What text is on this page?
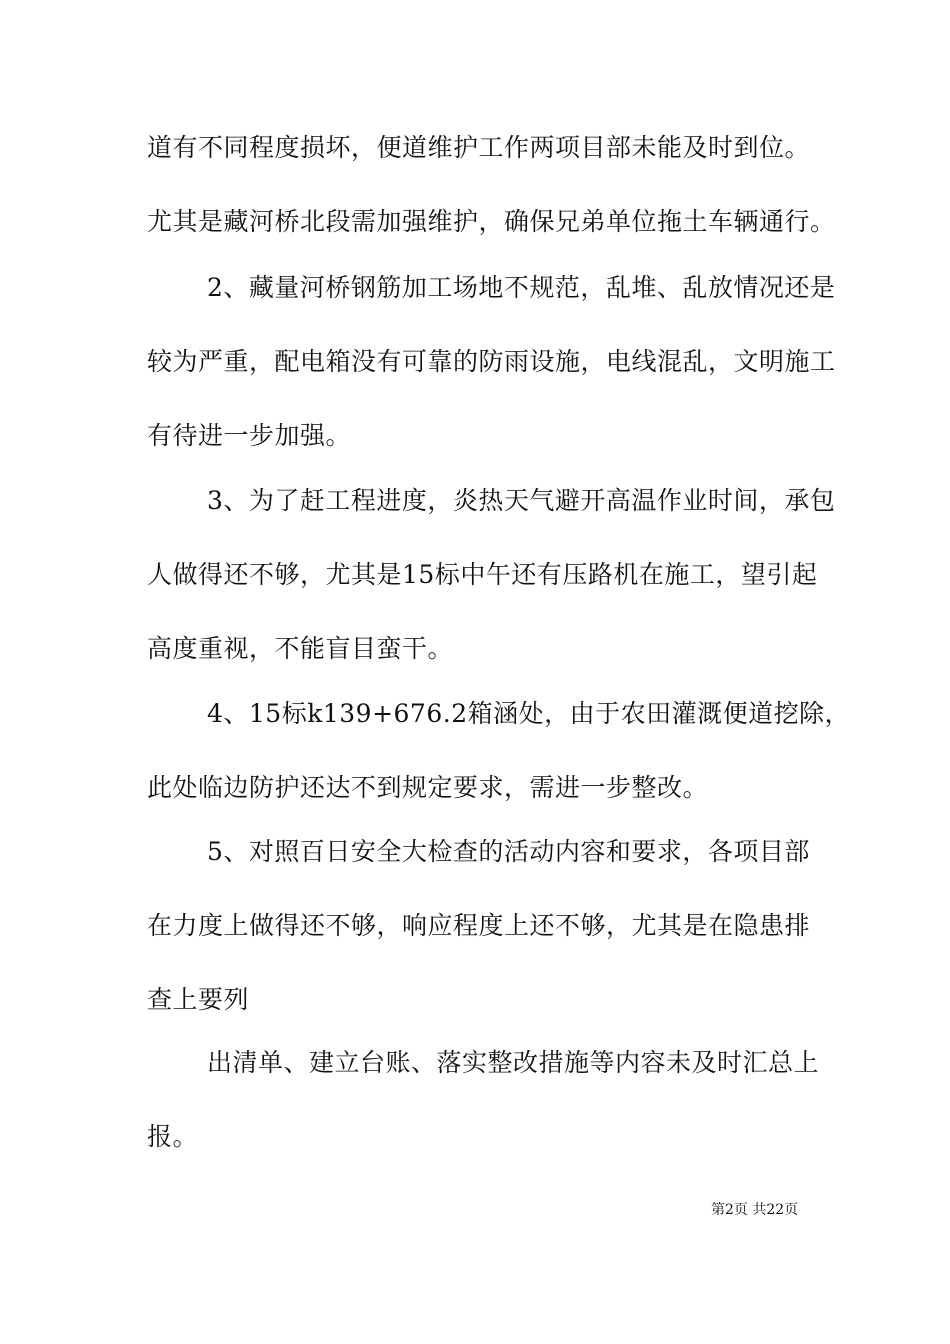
道有不同程度损坏，便道维护工作两项目部未能及时到位。
尤其是藏河桥北段需加强维护，确保兄弟单位拖土车辆通行。
2、藏量河桥钢筋加工场地不规范，乱堆、乱放情况还是
较为严重，配电箱没有可靠的防雨设施，电线混乱，文明施工
有待进一步加强。
3、为了赶工程进度，炎热天气避开高温作业时间，承包
人做得还不够，尤其是15标中午还有压路机在施工，望引起
高度重视，不能盲目蛮干。
4、15标k139+676.2箱涵处，由于农田灌溉便道挖除，
此处临边防护还达不到规定要求，需进一步整改。
5、对照百日安全大检查的活动内容和要求，各项目部
在力度上做得还不够，响应程度上还不够，尤其是在隐患排
查上要列
出清单、建立台账、落实整改措施等内容未及时汇总上
报。
第2页 共22页
